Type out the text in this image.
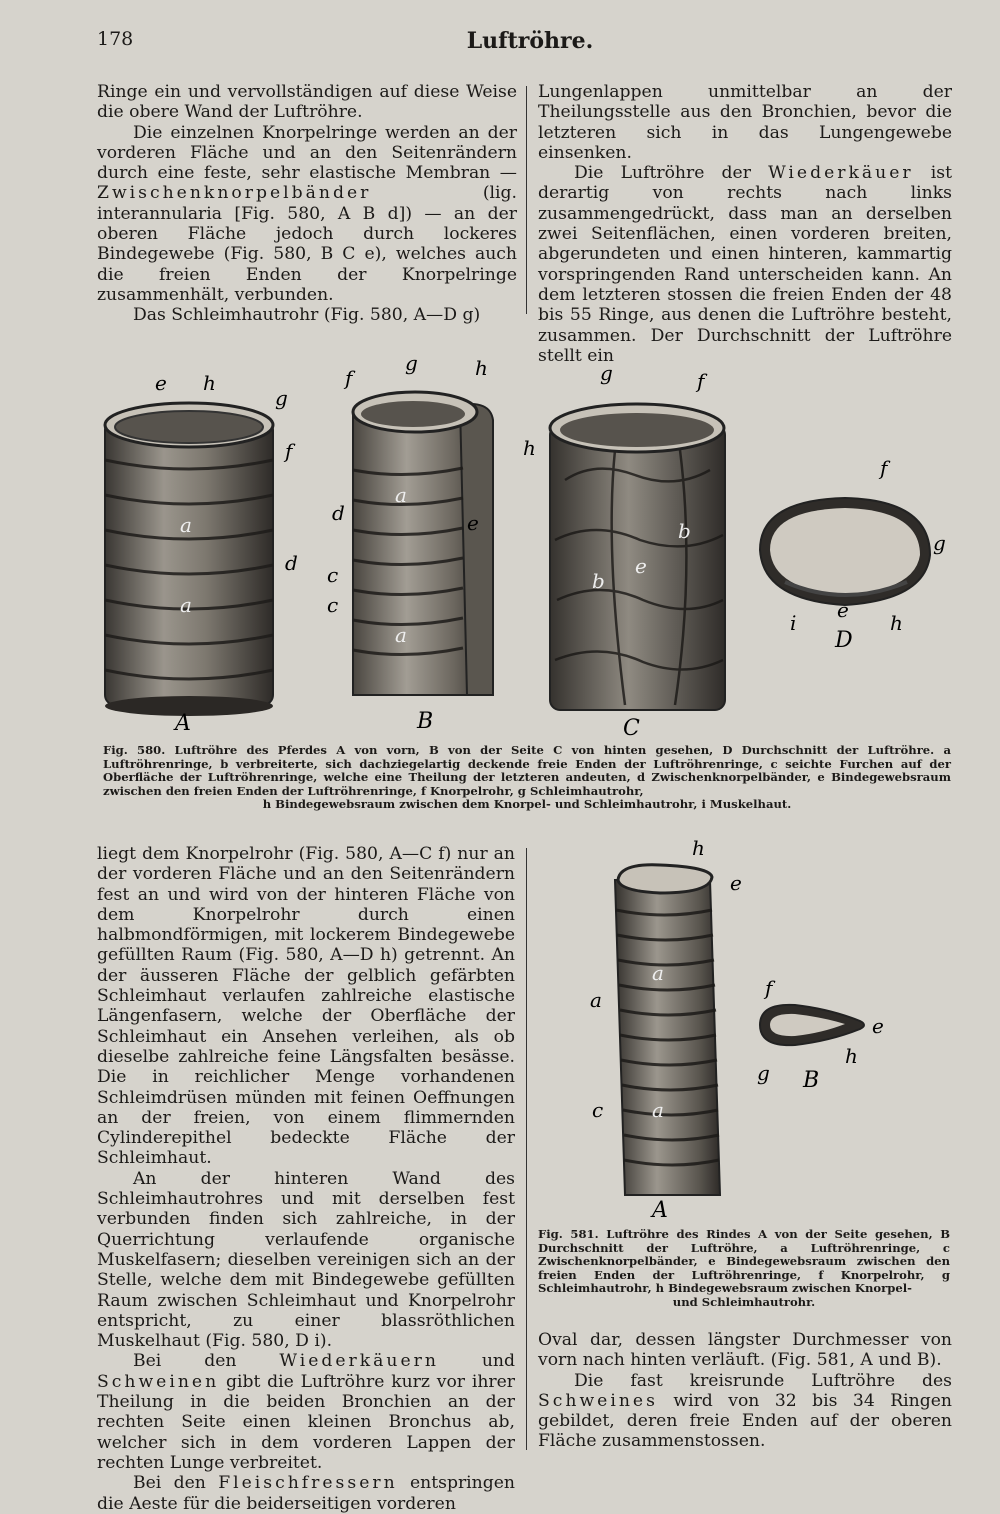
178	Luftröhre.

Ringe ein und vervollständigen auf diese Weise die obere Wand der Luftröhre.

Die einzelnen Knorpelringe werden an der vorderen Fläche und an den Seitenrändern durch eine feste, sehr elastische Membran — Zwischenknorpelbänder (lig. interannularia [Fig. 580, A B d]) — an der oberen Fläche jedoch durch lockeres Bindegewebe (Fig. 580, B C e), welches auch die freien Enden der Knorpelringe zusammenhält, verbunden.

Das Schleimhautrohr (Fig. 580, A—D g)

Lungenlappen unmittelbar an der Theilungsstelle aus den Bronchien, bevor die letzteren sich in das Lungengewebe einsenken.

Die Luftröhre der Wiederkäuer ist derartig von rechts nach links zusammengedrückt, dass man an derselben zwei Seitenflächen, einen vorderen breiten, abgerundeten und einen hinteren, kammartig vorspringenden Rand unterscheiden kann. An dem letzteren stossen die freien Enden der 48 bis 55 Ringe, aus denen die Luftröhre besteht, zusammen. Der Durchschnitt der Luftröhre stellt ein

e h
g
f
d
a
a
A
f
g	h
d	e
c
c
a
a
B
g	f
h
b
e
b
C
f
g
i
e
h
D
Fig. 580. Luftröhre des Pferdes A von vorn, B von der Seite C von hinten gesehen, D Durchschnitt der Luftröhre. a Luftröhrenringe, b verbreiterte, sich dachziegelartig deckende freie Enden der Luftröhrenringe, c seichte Furchen auf der Oberfläche der Luftröhrenringe, welche eine Theilung der letzteren andeuten, d Zwischenknorpelbänder, e Bindegewebsraum zwischen den freien Enden der Luftröhrenringe, f Knorpelrohr, g Schleimhautrohr,
h Bindegewebsraum zwischen dem Knorpel- und Schleimhautrohr, i Muskelhaut.

liegt dem Knorpelrohr (Fig. 580, A—C f) nur an der vorderen Fläche und an den Seitenrändern fest an und wird von der hinteren Fläche von dem Knorpelrohr durch einen halbmondförmigen, mit lockerem Bindegewebe gefüllten Raum (Fig. 580, A—D h) getrennt. An der äusseren Fläche der gelblich gefärbten Schleimhaut verlaufen zahlreiche elastische Längenfasern, welche der Oberfläche der Schleimhaut ein Ansehen verleihen, als ob dieselbe zahlreiche feine Längsfalten besässe. Die in reichlicher Menge vorhandenen Schleimdrüsen münden mit feinen Oeffnungen an der freien, von einem flimmernden Cylinderepithel bedeckte Fläche der Schleimhaut.

An der hinteren Wand des Schleimhautrohres und mit derselben fest verbunden finden sich zahlreiche, in der Querrichtung verlaufende organische Muskelfasern; dieselben vereinigen sich an der Stelle, welche dem mit Bindegewebe gefüllten Raum zwischen Schleimhaut und Knorpelrohr entspricht, zu einer blassröthlichen Muskelhaut (Fig. 580, D i).

Bei den Wiederkäuern und Schweinen gibt die Luftröhre kurz vor ihrer Theilung in die beiden Bronchien an der rechten Seite einen kleinen Bronchus ab, welcher sich in dem vorderen Lappen der rechten Lunge verbreitet.

Bei den Fleischfressern entspringen die Aeste für die beiderseitigen vorderen

h
e
a
a
a
c
A
f
e
g B
h
Fig. 581. Luftröhre des Rindes A von der Seite gesehen, B Durchschnitt der Luftröhre, a Luftröhrenringe, c Zwischenknorpelbänder, e Bindegewebsraum zwischen den freien Enden der Luftröhrenringe, f Knorpelrohr, g Schleimhautrohr, h Bindegewebsraum zwischen Knorpel-
und Schleimhautrohr.

Oval dar, dessen längster Durchmesser von vorn nach hinten verläuft. (Fig. 581, A und B).

Die fast kreisrunde Luftröhre des Schweines wird von 32 bis 34 Ringen gebildet, deren freie Enden auf der oberen Fläche zusammenstossen.
